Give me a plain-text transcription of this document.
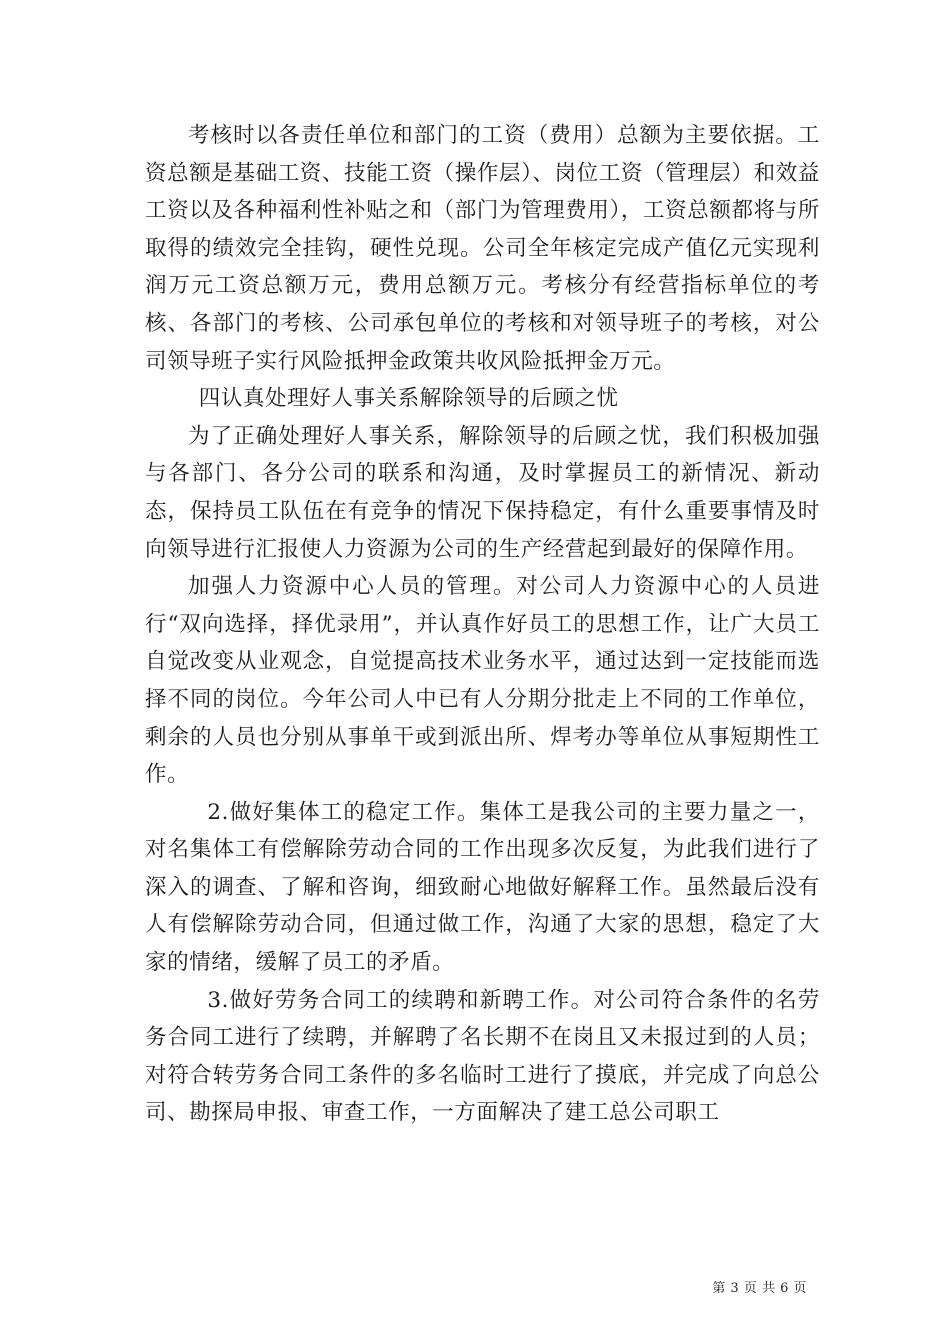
考核时以各责任单位和部门的工资（费用）总额为主要依据。工资总额是基础工资、技能工资（操作层）、岗位工资（管理层）和效益工资以及各种福利性补贴之和（部门为管理费用），工资总额都将与所取得的绩效完全挂钩，硬性兑现。公司全年核定完成产值亿元实现利润万元工资总额万元，费用总额万元。考核分有经营指标单位的考核、各部门的考核、公司承包单位的考核和对领导班子的考核，对公司领导班子实行风险抵押金政策共收风险抵押金万元。

四认真处理好人事关系解除领导的后顾之忧

为了正确处理好人事关系，解除领导的后顾之忧，我们积极加强与各部门、各分公司的联系和沟通，及时掌握员工的新情况、新动态，保持员工队伍在有竞争的情况下保持稳定，有什么重要事情及时向领导进行汇报使人力资源为公司的生产经营起到最好的保障作用。

加强人力资源中心人员的管理。对公司人力资源中心的人员进行“双向选择，择优录用”，并认真作好员工的思想工作，让广大员工自觉改变从业观念，自觉提高技术业务水平，通过达到一定技能而选择不同的岗位。今年公司人中已有人分期分批走上不同的工作单位，剩余的人员也分别从事单干或到派出所、焊考办等单位从事短期性工作。

2.做好集体工的稳定工作。集体工是我公司的主要力量之一，对名集体工有偿解除劳动合同的工作出现多次反复，为此我们进行了深入的调查、了解和咨询，细致耐心地做好解释工作。虽然最后没有人有偿解除劳动合同，但通过做工作，沟通了大家的思想，稳定了大家的情绪，缓解了员工的矛盾。

3.做好劳务合同工的续聘和新聘工作。对公司符合条件的名劳务合同工进行了续聘，并解聘了名长期不在岗且又未报过到的人员；对符合转劳务合同工条件的多名临时工进行了摸底，并完成了向总公司、勘探局申报、审查工作，一方面解决了建工总公司职工

第 3 页 共 6 页
